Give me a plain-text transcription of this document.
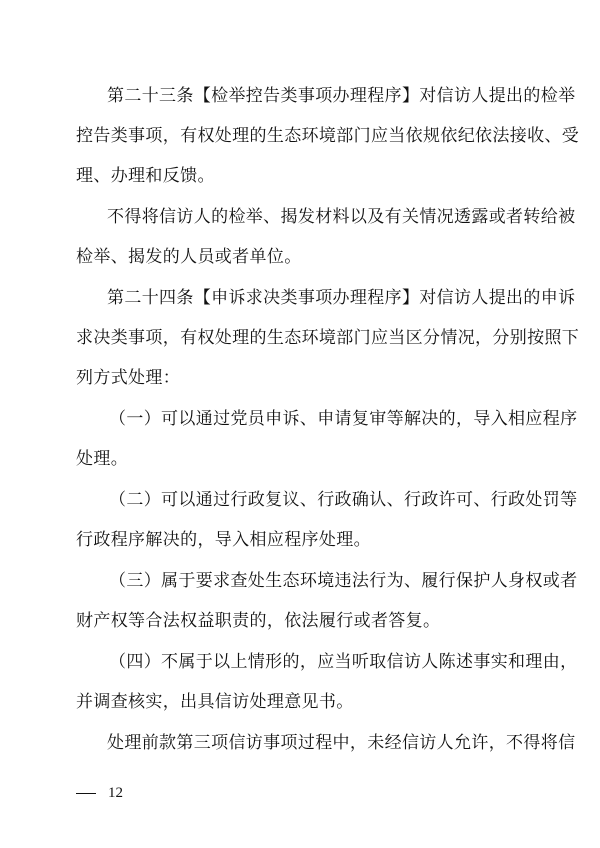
第二十三条【检举控告类事项办理程序】对信访人提出的检举
控告类事项，有权处理的生态环境部门应当依规依纪依法接收、受
理、办理和反馈。
不得将信访人的检举、揭发材料以及有关情况透露或者转给被
检举、揭发的人员或者单位。
第二十四条【申诉求决类事项办理程序】对信访人提出的申诉
求决类事项，有权处理的生态环境部门应当区分情况，分别按照下
列方式处理：
（一）可以通过党员申诉、申请复审等解决的，导入相应程序
处理。
（二）可以通过行政复议、行政确认、行政许可、行政处罚等
行政程序解决的，导入相应程序处理。
（三）属于要求查处生态环境违法行为、履行保护人身权或者
财产权等合法权益职责的，依法履行或者答复。
（四）不属于以上情形的，应当听取信访人陈述事实和理由，
并调查核实，出具信访处理意见书。
处理前款第三项信访事项过程中，未经信访人允许，不得将信
12
